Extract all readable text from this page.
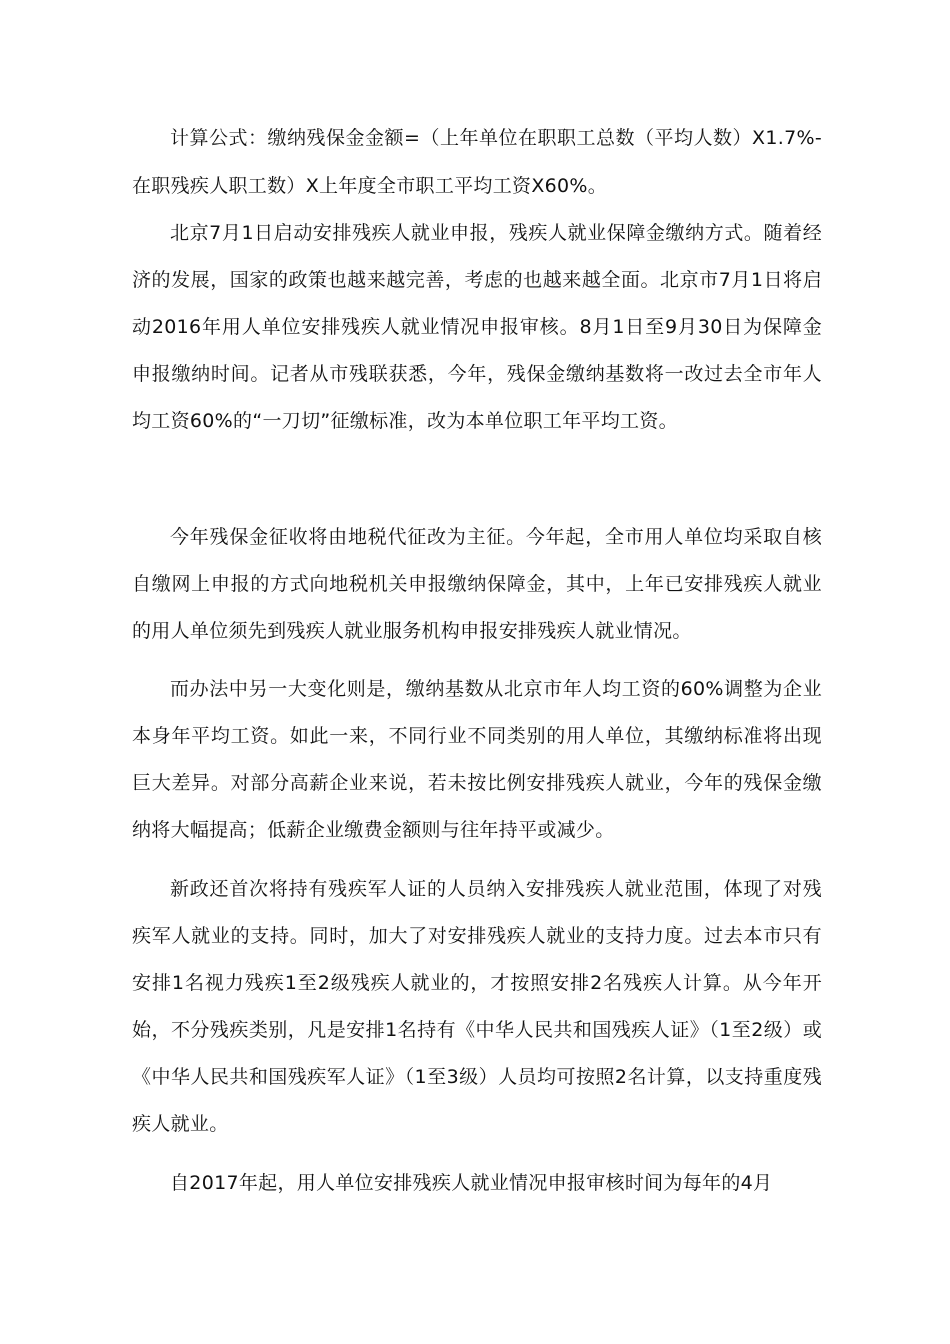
计算公式：缴纳残保金金额=（上年单位在职职工总数（平均人数）X1.7%-在职残疾人职工数）X上年度全市职工平均工资X60%。

北京7月1日启动安排残疾人就业申报，残疾人就业保障金缴纳方式。随着经济的发展，国家的政策也越来越完善，考虑的也越来越全面。北京市7月1日将启动2016年用人单位安排残疾人就业情况申报审核。8月1日至9月30日为保障金申报缴纳时间。记者从市残联获悉，今年，残保金缴纳基数将一改过去全市年人均工资60%的“一刀切”征缴标准，改为本单位职工年平均工资。

今年残保金征收将由地税代征改为主征。今年起，全市用人单位均采取自核自缴网上申报的方式向地税机关申报缴纳保障金，其中，上年已安排残疾人就业的用人单位须先到残疾人就业服务机构申报安排残疾人就业情况。

而办法中另一大变化则是，缴纳基数从北京市年人均工资的60%调整为企业本身年平均工资。如此一来，不同行业不同类别的用人单位，其缴纳标准将出现巨大差异。对部分高薪企业来说，若未按比例安排残疾人就业，今年的残保金缴纳将大幅提高；低薪企业缴费金额则与往年持平或减少。

新政还首次将持有残疾军人证的人员纳入安排残疾人就业范围，体现了对残疾军人就业的支持。同时，加大了对安排残疾人就业的支持力度。过去本市只有安排1名视力残疾1至2级残疾人就业的，才按照安排2名残疾人计算。从今年开始，不分残疾类别，凡是安排1名持有《中华人民共和国残疾人证》（1至2级）或《中华人民共和国残疾军人证》（1至3级）人员均可按照2名计算，以支持重度残疾人就业。

自2017年起，用人单位安排残疾人就业情况申报审核时间为每年的4月
